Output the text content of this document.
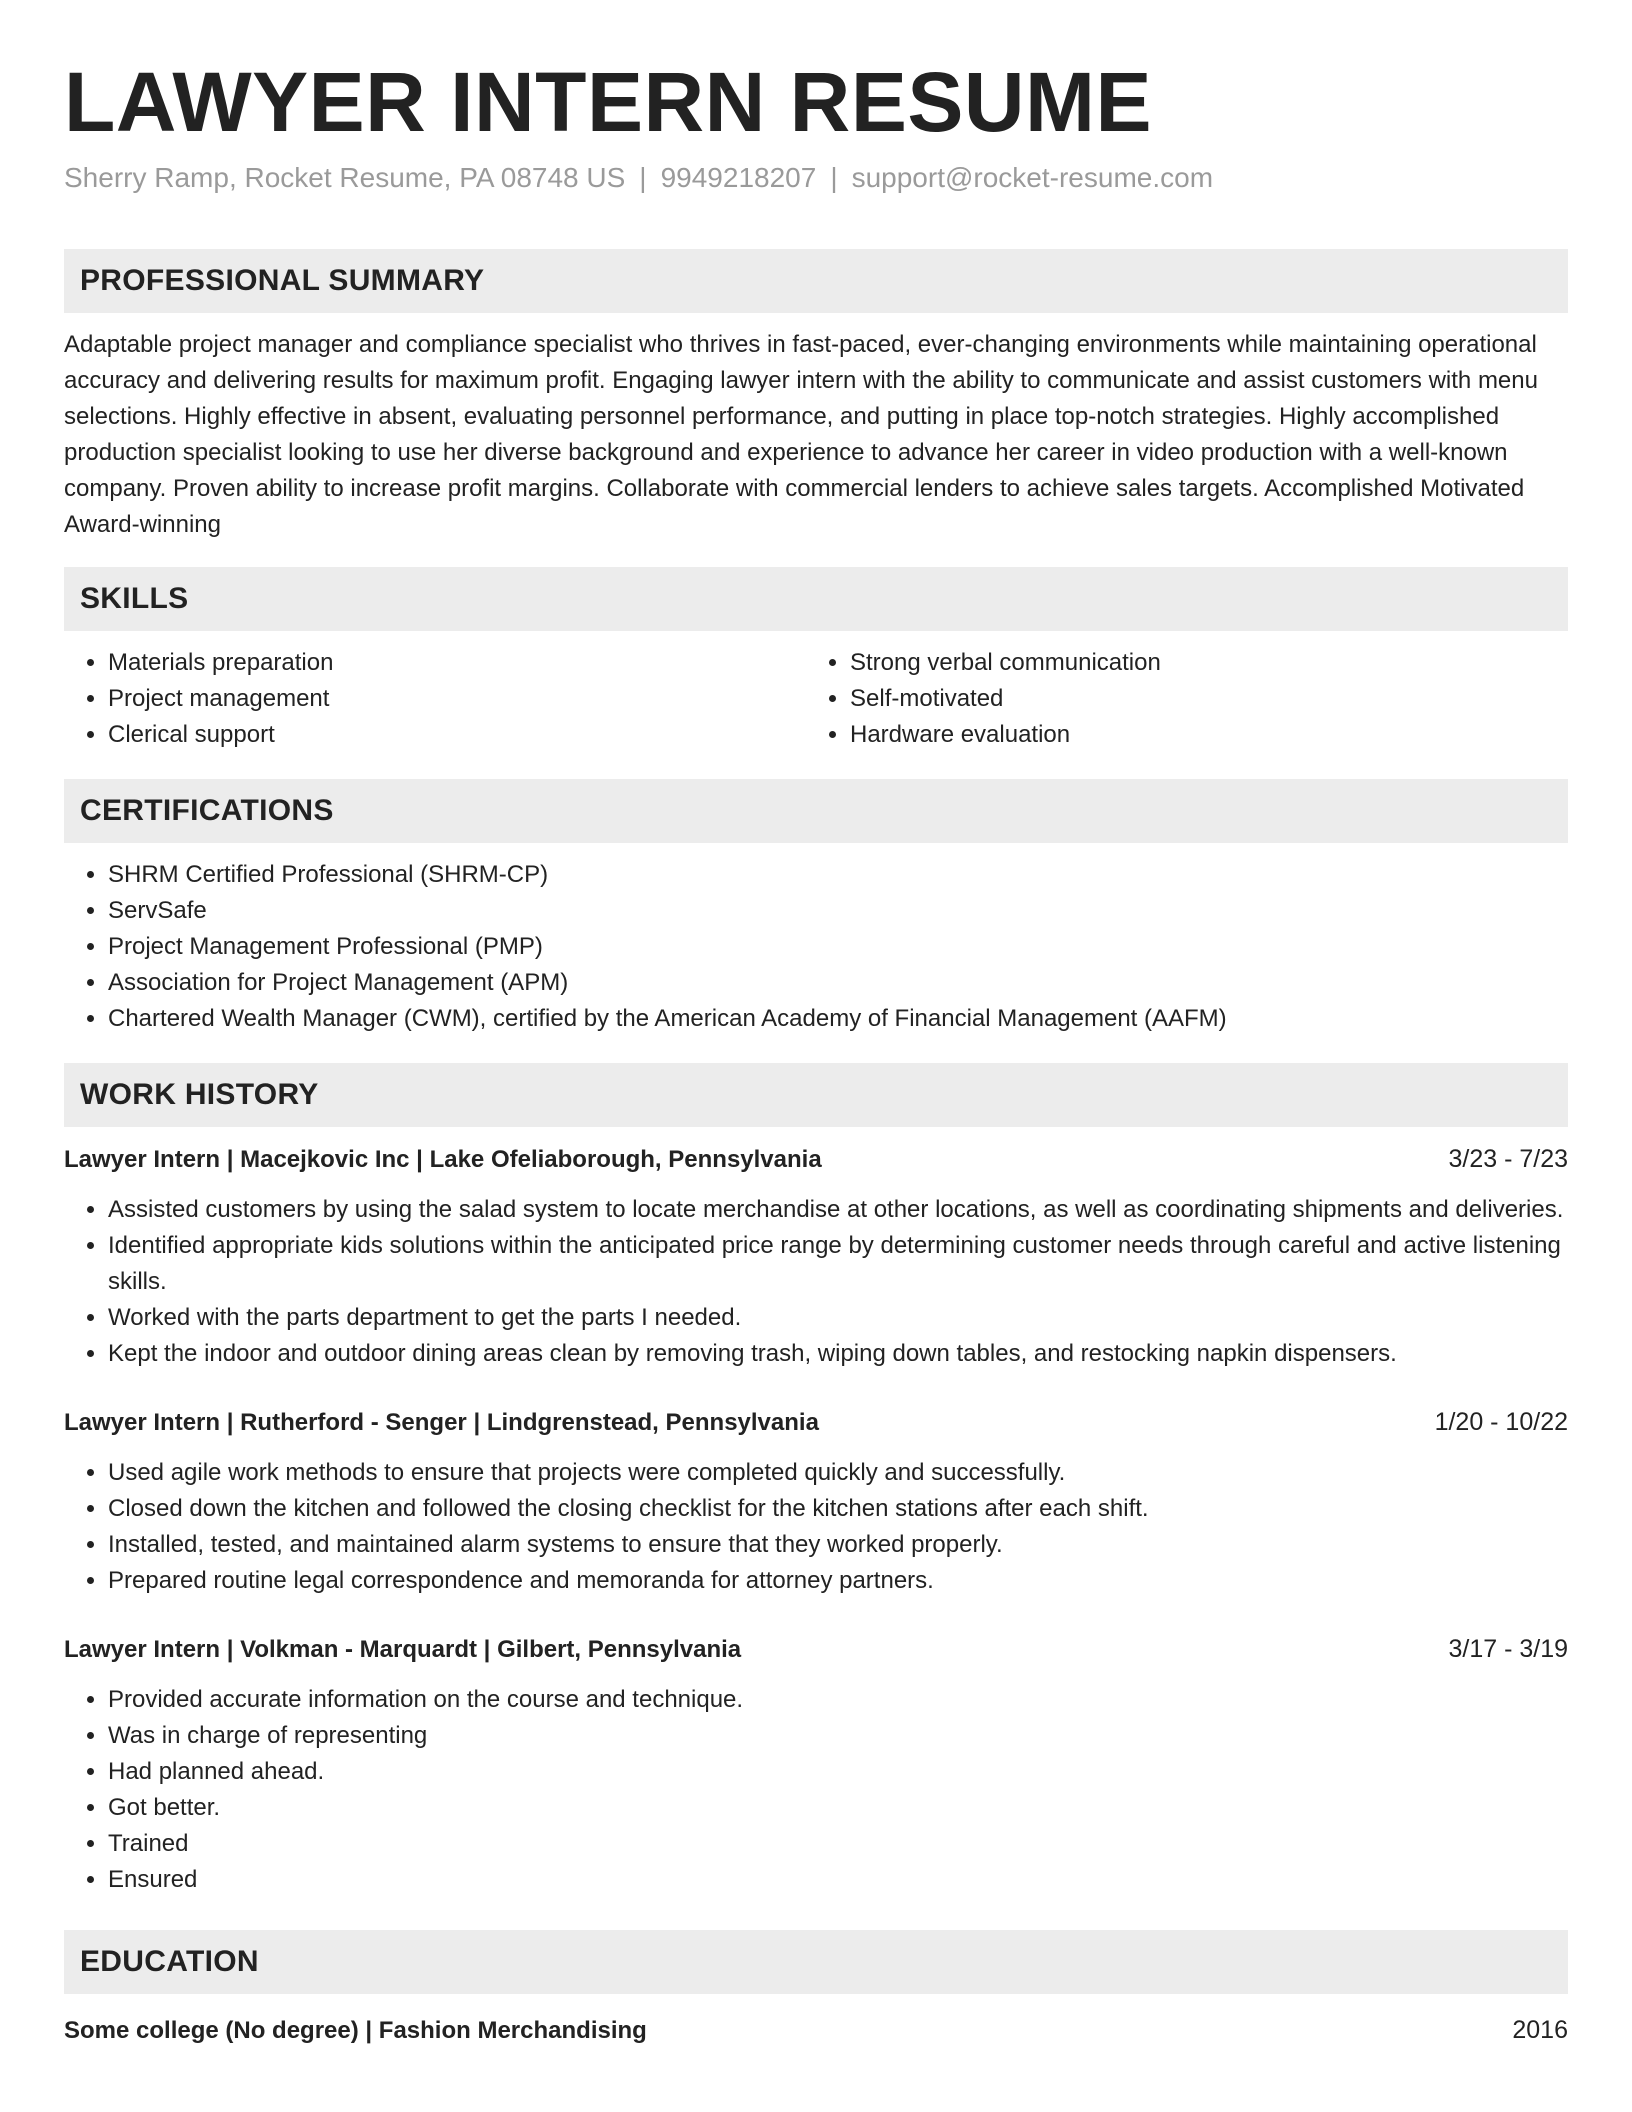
LAWYER INTERN RESUME
Sherry Ramp, Rocket Resume, PA 08748 US | 9949218207 | support@rocket-resume.com
PROFESSIONAL SUMMARY

Adaptable project manager and compliance specialist who thrives in fast-paced, ever-changing environments while maintaining operational accuracy and delivering results for maximum profit. Engaging lawyer intern with the ability to communicate and assist customers with menu selections. Highly effective in absent, evaluating personnel performance, and putting in place top-notch strategies. Highly accomplished production specialist looking to use her diverse background and experience to advance her career in video production with a well-known company. Proven ability to increase profit margins. Collaborate with commercial lenders to achieve sales targets. Accomplished Motivated Award-winning

SKILLS
• Materials preparation
• Project management
• Clerical support
• Strong verbal communication
• Self-motivated
• Hardware evaluation
CERTIFICATIONS
• SHRM Certified Professional (SHRM-CP)
• ServSafe
• Project Management Professional (PMP)
• Association for Project Management (APM)
• Chartered Wealth Manager (CWM), certified by the American Academy of Financial Management (AAFM)
WORK HISTORY
Lawyer Intern | Macejkovic Inc | Lake Ofeliaborough, Pennsylvania	3/23 - 7/23
• Assisted customers by using the salad system to locate merchandise at other locations, as well as coordinating shipments and deliveries.
• Identified appropriate kids solutions within the anticipated price range by determining customer needs through careful and active listening skills.
• Worked with the parts department to get the parts I needed.
• Kept the indoor and outdoor dining areas clean by removing trash, wiping down tables, and restocking napkin dispensers.
Lawyer Intern | Rutherford - Senger | Lindgrenstead, Pennsylvania	1/20 - 10/22
• Used agile work methods to ensure that projects were completed quickly and successfully.
• Closed down the kitchen and followed the closing checklist for the kitchen stations after each shift.
• Installed, tested, and maintained alarm systems to ensure that they worked properly.
• Prepared routine legal correspondence and memoranda for attorney partners.
Lawyer Intern | Volkman - Marquardt | Gilbert, Pennsylvania	3/17 - 3/19
• Provided accurate information on the course and technique.
• Was in charge of representing
• Had planned ahead.
• Got better.
• Trained
• Ensured
EDUCATION
Some college (No degree) | Fashion Merchandising	2016
